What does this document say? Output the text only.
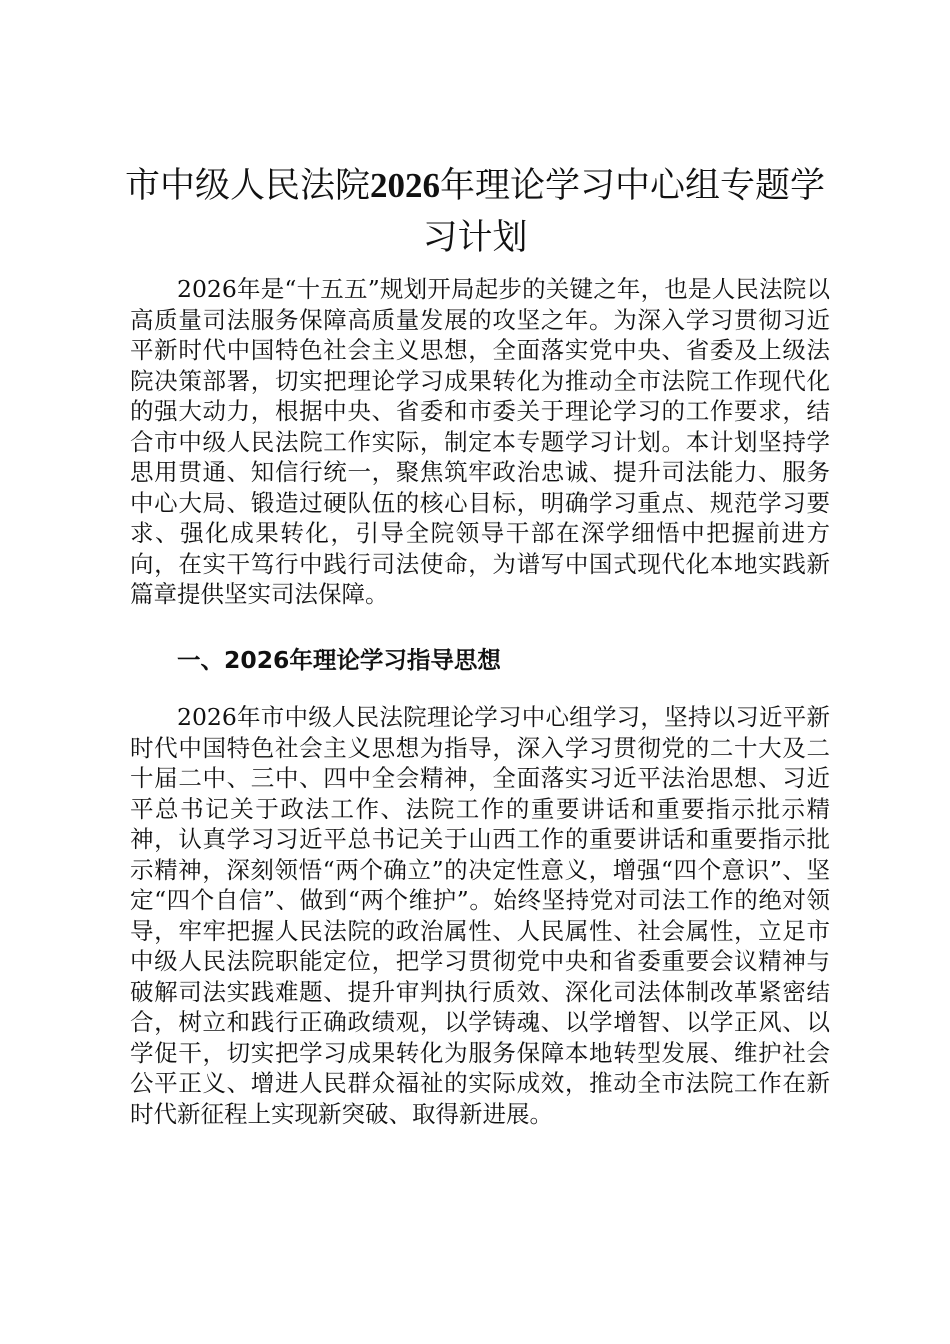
市中级人民法院2026年理论学习中心组专题学习计划

2026年是“十五五”规划开局起步的关键之年，也是人民法院以高质量司法服务保障高质量发展的攻坚之年。为深入学习贯彻习近平新时代中国特色社会主义思想，全面落实党中央、省委及上级法院决策部署，切实把理论学习成果转化为推动全市法院工作现代化的强大动力，根据中央、省委和市委关于理论学习的工作要求，结合市中级人民法院工作实际，制定本专题学习计划。本计划坚持学思用贯通、知信行统一，聚焦筑牢政治忠诚、提升司法能力、服务中心大局、锻造过硬队伍的核心目标，明确学习重点、规范学习要求、强化成果转化，引导全院领导干部在深学细悟中把握前进方向，在实干笃行中践行司法使命，为谱写中国式现代化本地实践新篇章提供坚实司法保障。

一、2026年理论学习指导思想

2026年市中级人民法院理论学习中心组学习，坚持以习近平新时代中国特色社会主义思想为指导，深入学习贯彻党的二十大及二十届二中、三中、四中全会精神，全面落实习近平法治思想、习近平总书记关于政法工作、法院工作的重要讲话和重要指示批示精神，认真学习习近平总书记关于山西工作的重要讲话和重要指示批示精神，深刻领悟“两个确立”的决定性意义，增强“四个意识”、坚定“四个自信”、做到“两个维护”。始终坚持党对司法工作的绝对领导，牢牢把握人民法院的政治属性、人民属性、社会属性，立足市中级人民法院职能定位，把学习贯彻党中央和省委重要会议精神与破解司法实践难题、提升审判执行质效、深化司法体制改革紧密结合，树立和践行正确政绩观，以学铸魂、以学增智、以学正风、以学促干，切实把学习成果转化为服务保障本地转型发展、维护社会公平正义、增进人民群众福祉的实际成效，推动全市法院工作在新时代新征程上实现新突破、取得新进展。
